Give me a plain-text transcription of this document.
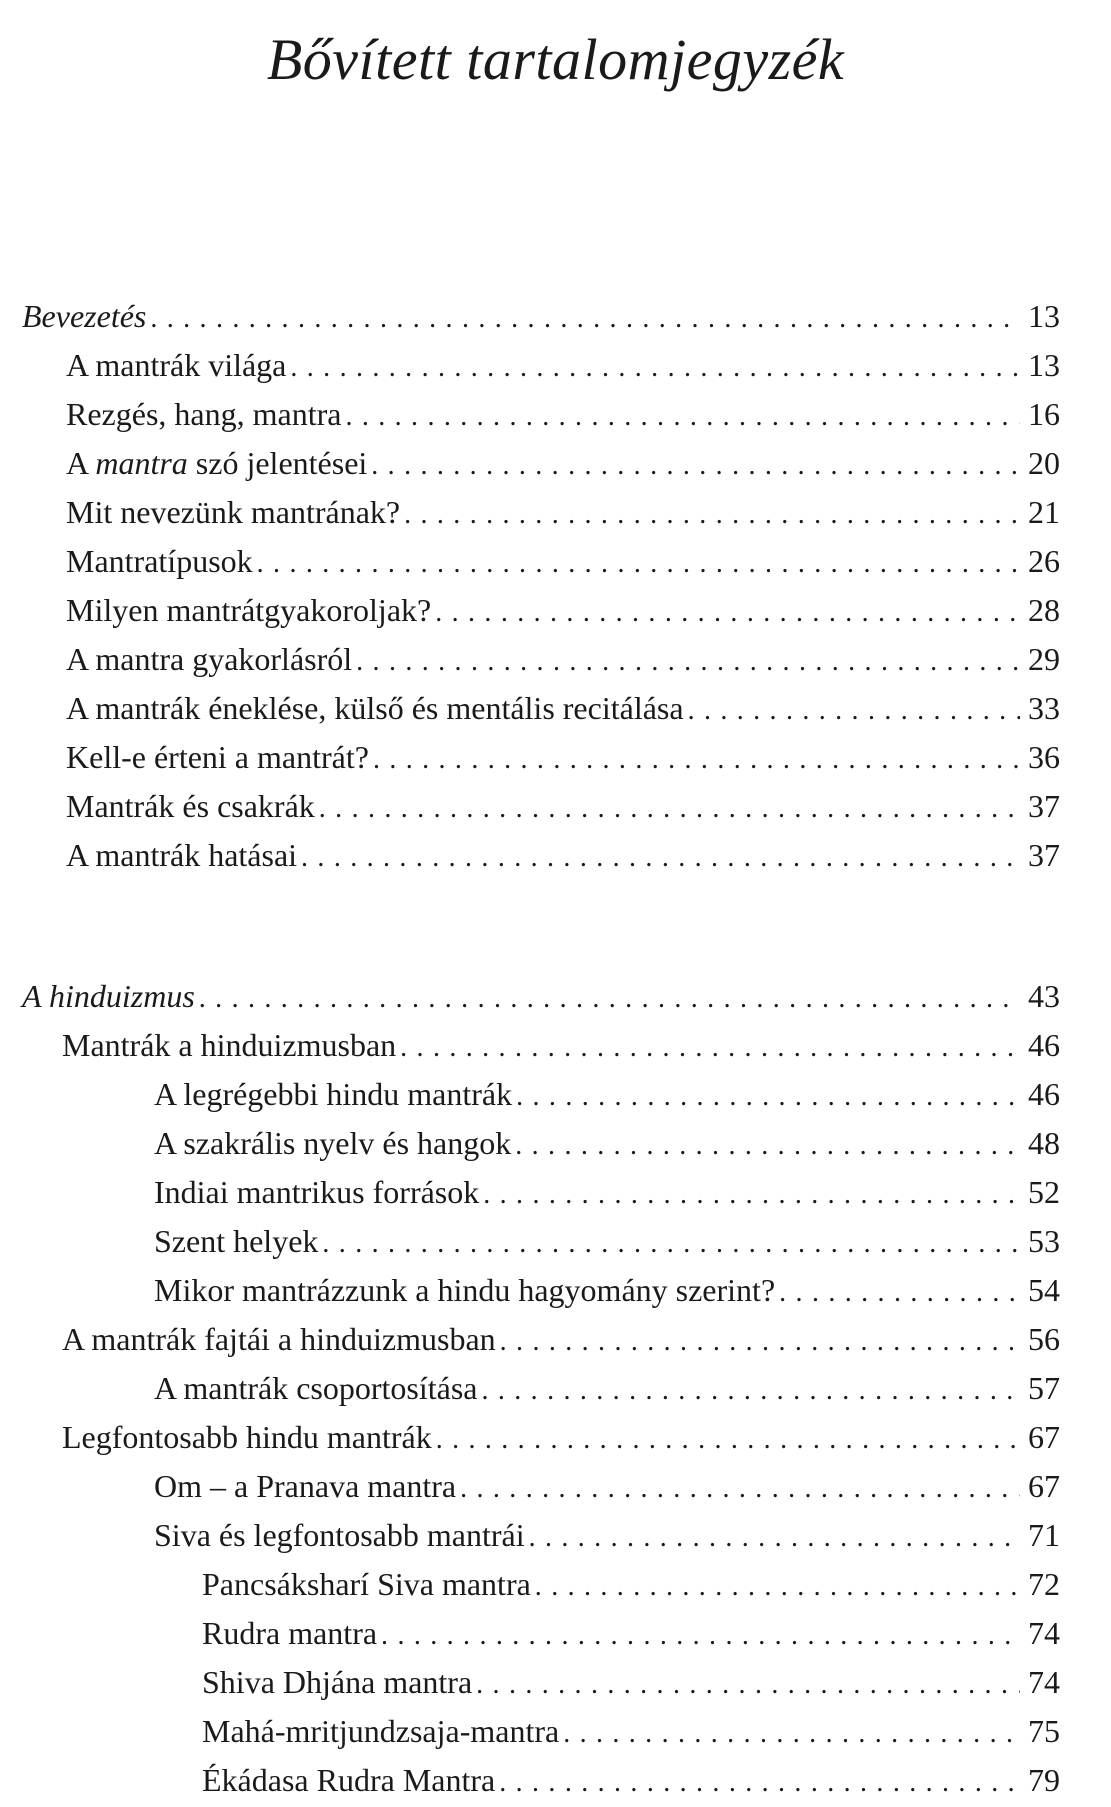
Bővített tartalomjegyzék
Bevezetés . . .	13
A mantrák világa . . .	13
Rezgés, hang, mantra . . .	16
A mantra szó jelentései . . .	20
Mit nevezünk mantrának? . . .	21
Mantratípusok . . .	26
Milyen mantrátgyakoroljak? . . .	28
A mantra gyakorlásról . . .	29
A mantrák éneklése, külső és mentális recitálása . . .	33
Kell-e érteni a mantrát? . . .	36
Mantrák és csakrák . . .	37
A mantrák hatásai . . .	37
A hinduizmus . . .	43
Mantrák a hinduizmusban . . .	46
A legrégebbi hindu mantrák . . .	46
A szakrális nyelv és hangok . . .	48
Indiai mantrikus források . . .	52
Szent helyek . . .	53
Mikor mantrázzunk a hindu hagyomány szerint? . . .	54
A mantrák fajtái a hinduizmusban . . .	56
A mantrák csoportosítása . . .	57
Legfontosabb hindu mantrák . . .	67
Om – a Pranava mantra . . .	67
Siva és legfontosabb mantrái . . .	71
Pancsáksharí Siva mantra . . .	72
Rudra mantra . . .	74
Shiva Dhjána mantra . . .	74
Mahá-mritjundzsaja-mantra . . .	75
Ékádasa Rudra Mantra . . .	79
